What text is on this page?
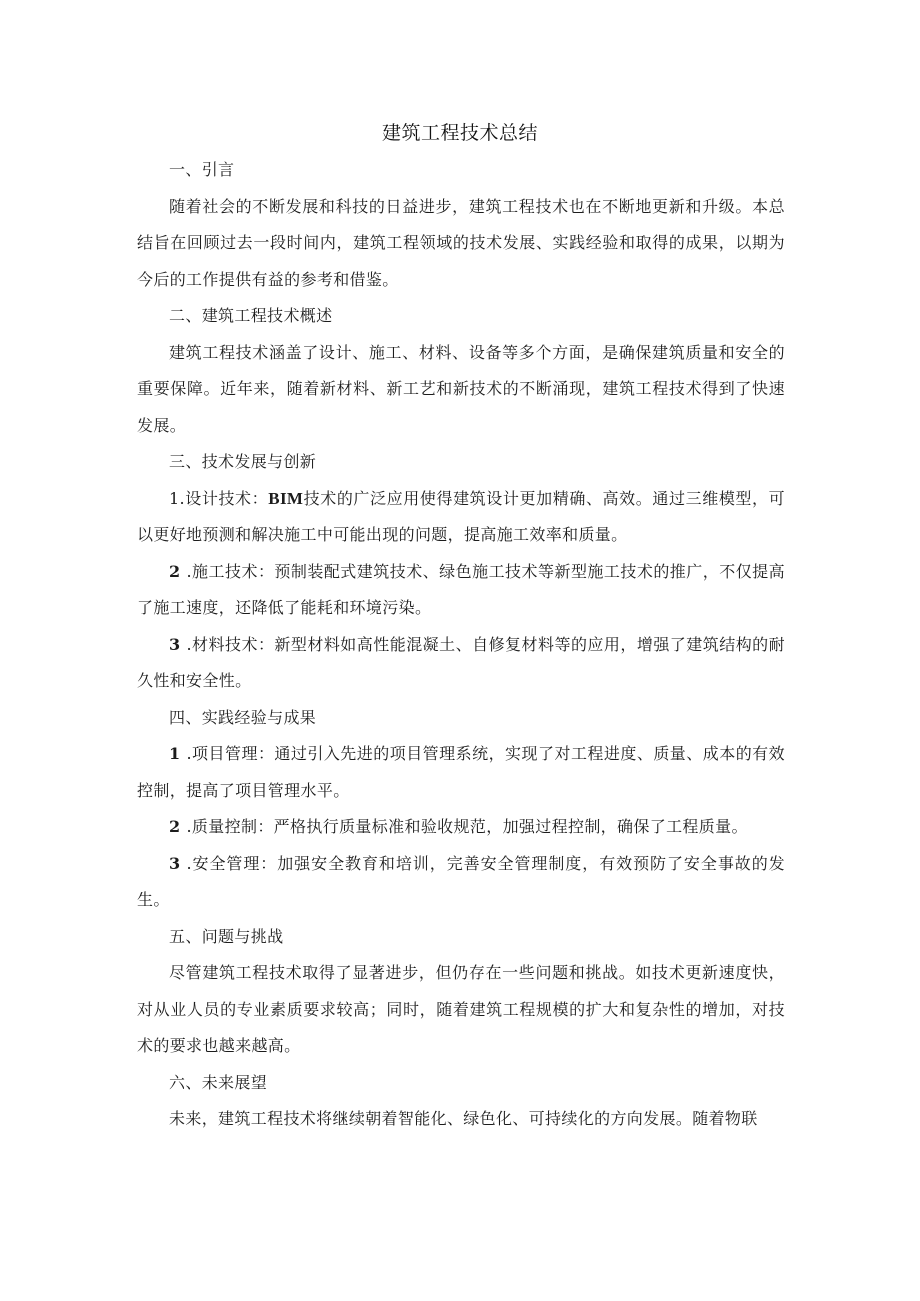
建筑工程技术总结

一、引言

随着社会的不断发展和科技的日益进步，建筑工程技术也在不断地更新和升级。本总结旨在回顾过去一段时间内，建筑工程领域的技术发展、实践经验和取得的成果，以期为今后的工作提供有益的参考和借鉴。

二、建筑工程技术概述

建筑工程技术涵盖了设计、施工、材料、设备等多个方面，是确保建筑质量和安全的重要保障。近年来，随着新材料、新工艺和新技术的不断涌现，建筑工程技术得到了快速发展。

三、技术发展与创新

1.设计技术：BIM技术的广泛应用使得建筑设计更加精确、高效。通过三维模型，可以更好地预测和解决施工中可能出现的问题，提高施工效率和质量。

2 .施工技术：预制装配式建筑技术、绿色施工技术等新型施工技术的推广，不仅提高了施工速度，还降低了能耗和环境污染。

3 .材料技术：新型材料如高性能混凝土、自修复材料等的应用，增强了建筑结构的耐久性和安全性。

四、实践经验与成果

1 .项目管理：通过引入先进的项目管理系统，实现了对工程进度、质量、成本的有效控制，提高了项目管理水平。

2 .质量控制：严格执行质量标准和验收规范，加强过程控制，确保了工程质量。

3 .安全管理：加强安全教育和培训，完善安全管理制度，有效预防了安全事故的发生。

五、问题与挑战

尽管建筑工程技术取得了显著进步，但仍存在一些问题和挑战。如技术更新速度快，对从业人员的专业素质要求较高；同时，随着建筑工程规模的扩大和复杂性的增加，对技术的要求也越来越高。

六、未来展望

未来，建筑工程技术将继续朝着智能化、绿色化、可持续化的方向发展。随着物联
